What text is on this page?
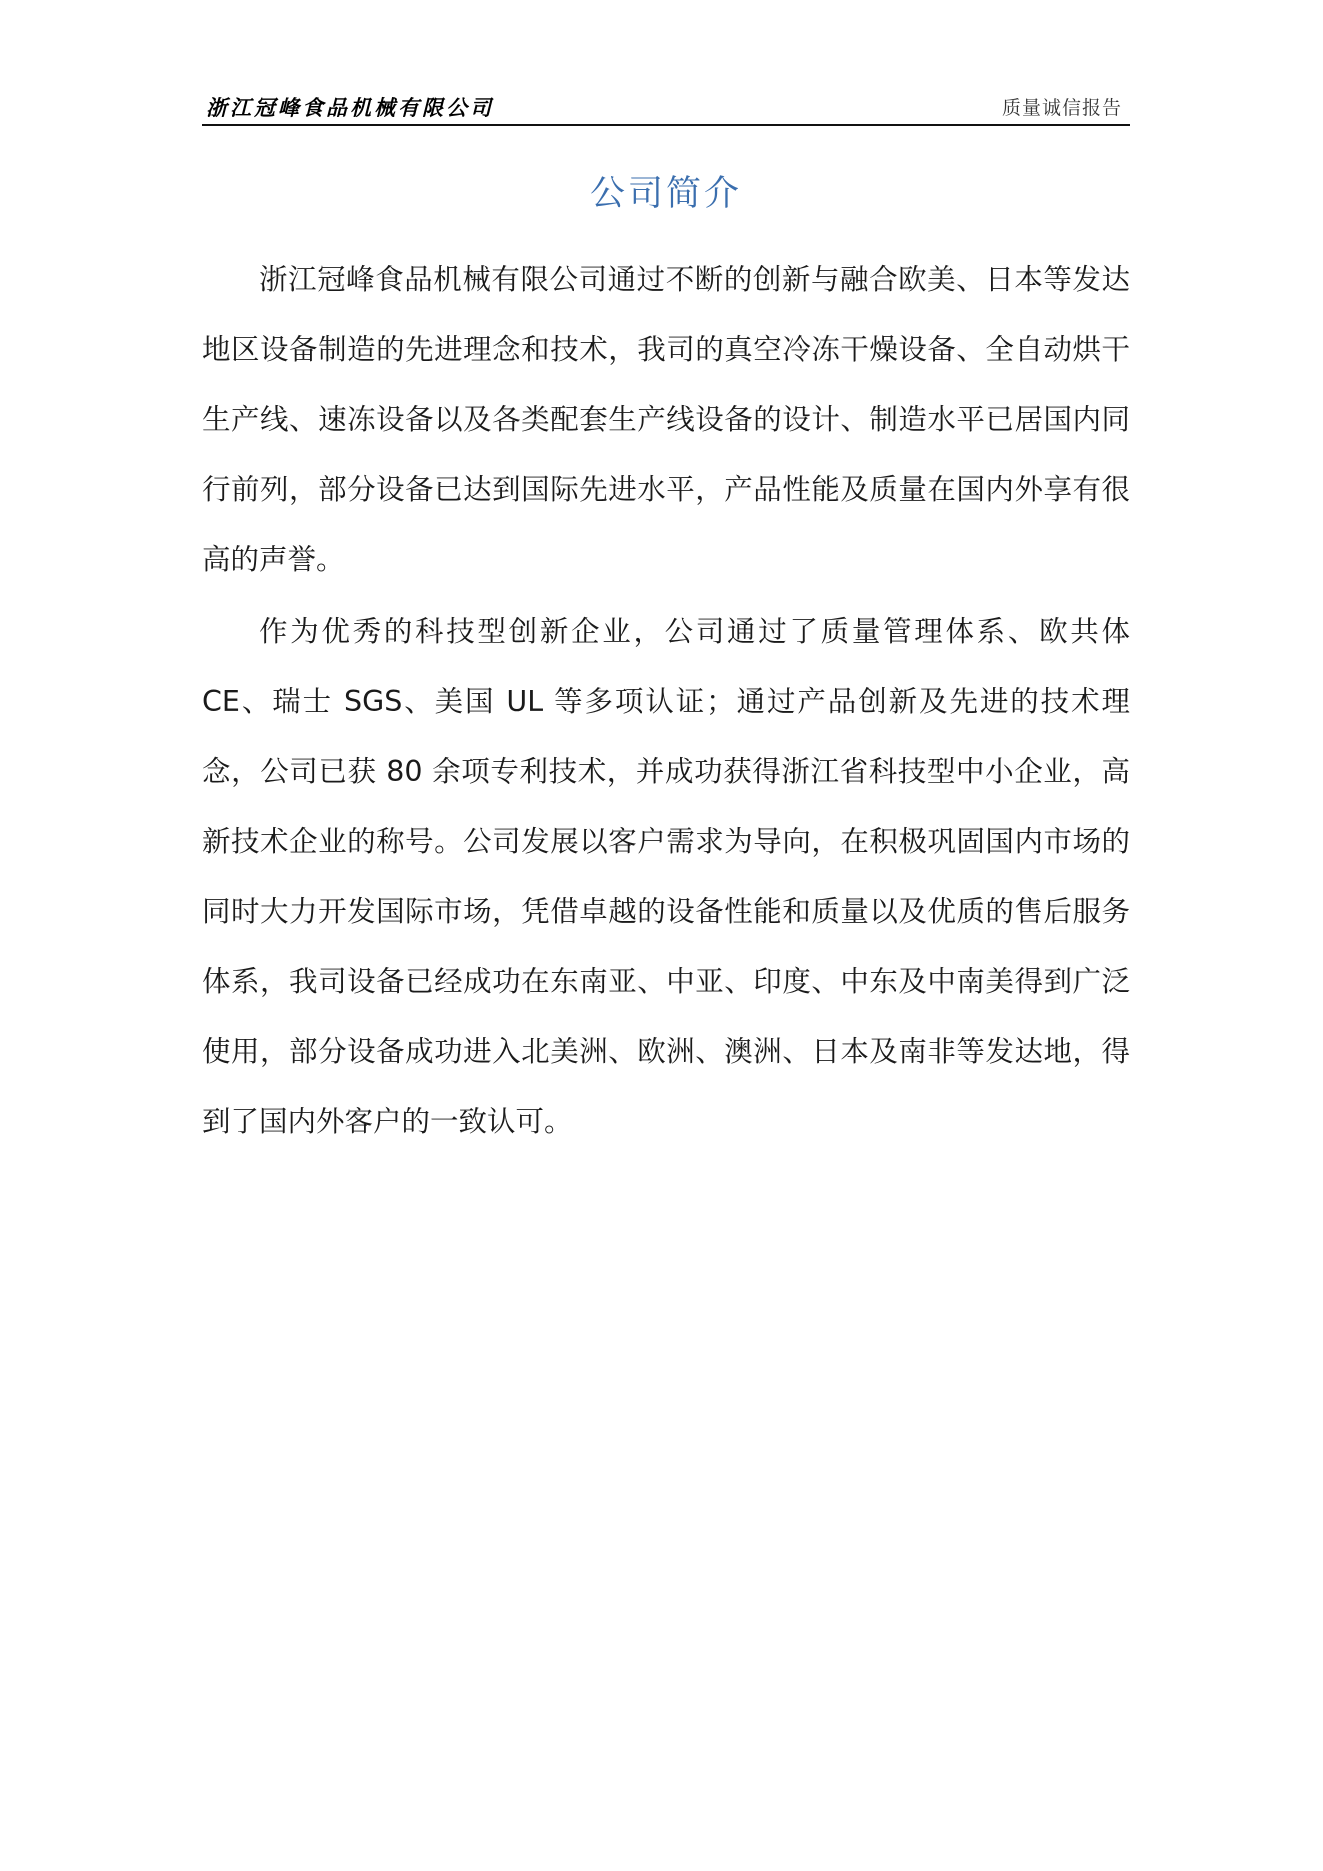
浙江冠峰食品机械有限公司	质量诚信报告
公司简介

浙江冠峰食品机械有限公司通过不断的创新与融合欧美、日本等发达地区设备制造的先进理念和技术，我司的真空冷冻干燥设备、全自动烘干生产线、速冻设备以及各类配套生产线设备的设计、制造水平已居国内同行前列，部分设备已达到国际先进水平，产品性能及质量在国内外享有很高的声誉。

作为优秀的科技型创新企业，公司通过了质量管理体系、欧共体 CE、瑞士 SGS、美国 UL 等多项认证；通过产品创新及先进的技术理念，公司已获 80 余项专利技术，并成功获得浙江省科技型中小企业，高新技术企业的称号。公司发展以客户需求为导向，在积极巩固国内市场的同时大力开发国际市场，凭借卓越的设备性能和质量以及优质的售后服务体系，我司设备已经成功在东南亚、中亚、印度、中东及中南美得到广泛使用，部分设备成功进入北美洲、欧洲、澳洲、日本及南非等发达地，得到了国内外客户的一致认可。
